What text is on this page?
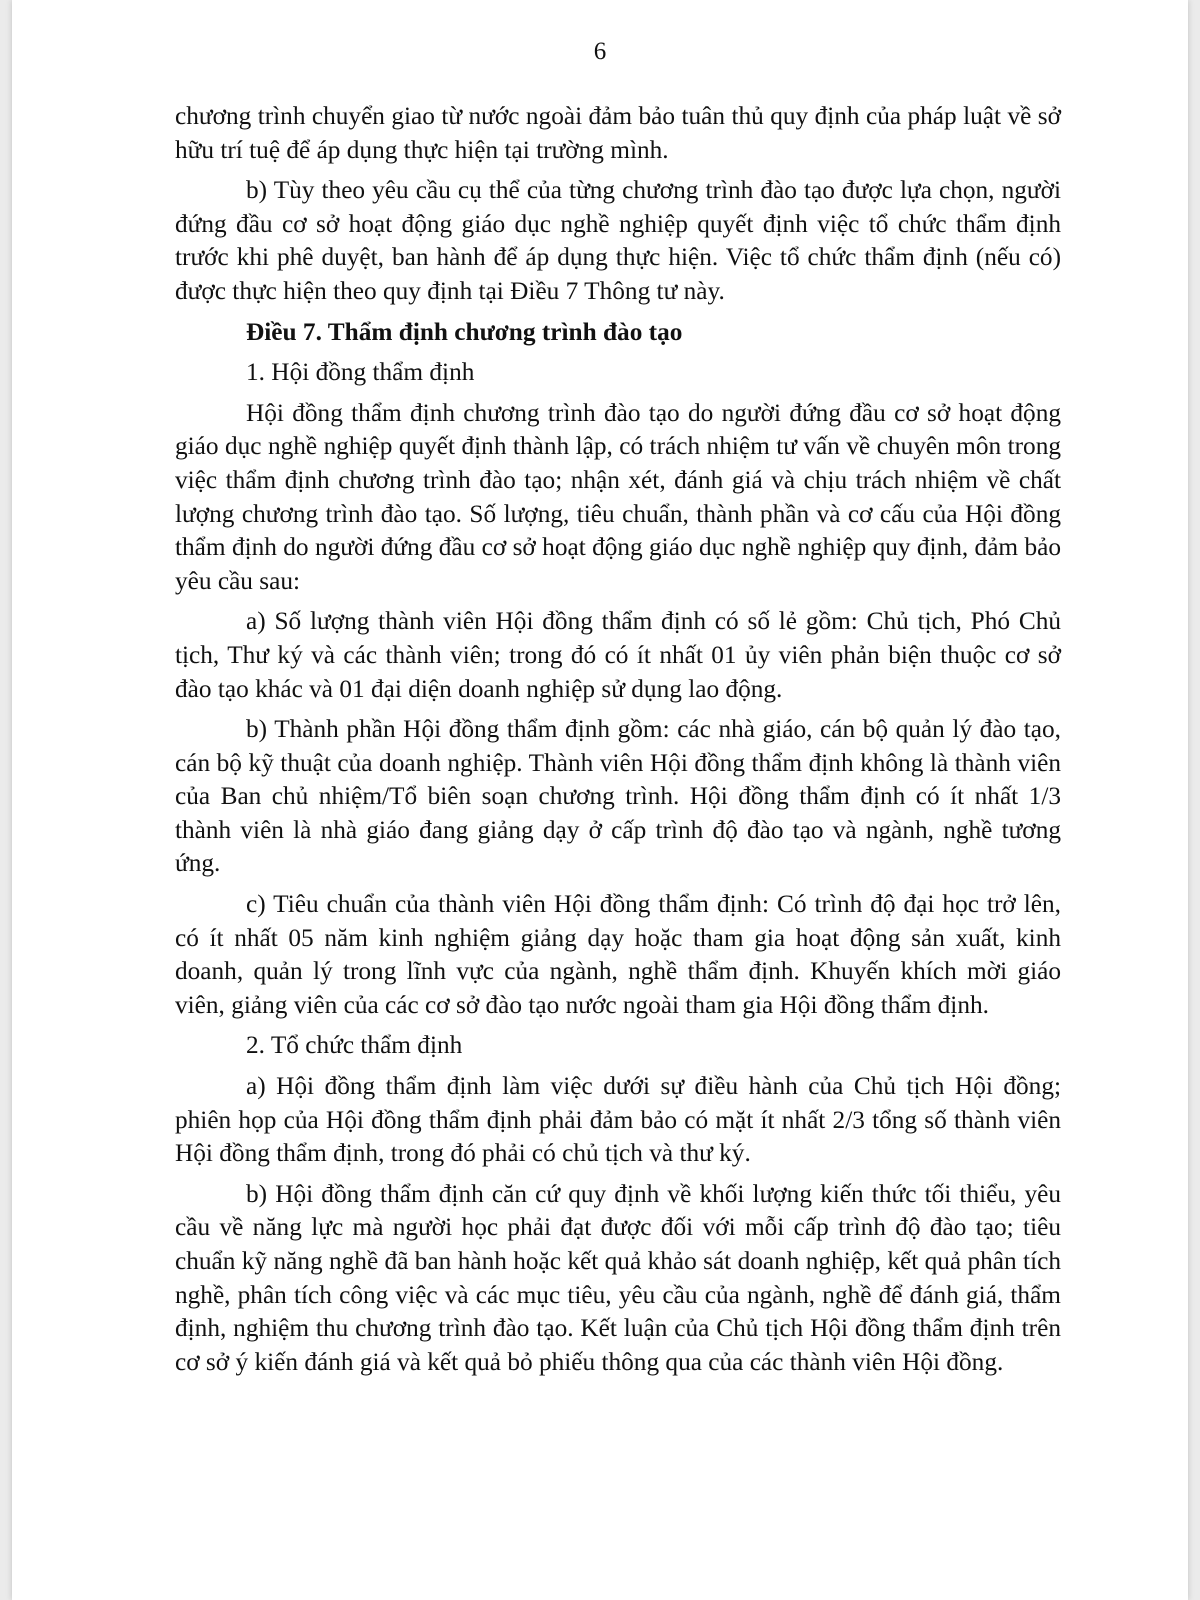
6

chương trình chuyển giao từ nước ngoài đảm bảo tuân thủ quy định của pháp luật về sở hữu trí tuệ để áp dụng thực hiện tại trường mình.

b) Tùy theo yêu cầu cụ thể của từng chương trình đào tạo được lựa chọn, người đứng đầu cơ sở hoạt động giáo dục nghề nghiệp quyết định việc tổ chức thẩm định trước khi phê duyệt, ban hành để áp dụng thực hiện. Việc tổ chức thẩm định (nếu có) được thực hiện theo quy định tại Điều 7 Thông tư này.

Điều 7. Thẩm định chương trình đào tạo

1. Hội đồng thẩm định

Hội đồng thẩm định chương trình đào tạo do người đứng đầu cơ sở hoạt động giáo dục nghề nghiệp quyết định thành lập, có trách nhiệm tư vấn về chuyên môn trong việc thẩm định chương trình đào tạo; nhận xét, đánh giá và chịu trách nhiệm về chất lượng chương trình đào tạo. Số lượng, tiêu chuẩn, thành phần và cơ cấu của Hội đồng thẩm định do người đứng đầu cơ sở hoạt động giáo dục nghề nghiệp quy định, đảm bảo yêu cầu sau:

a) Số lượng thành viên Hội đồng thẩm định có số lẻ gồm: Chủ tịch, Phó Chủ tịch, Thư ký và các thành viên; trong đó có ít nhất 01 ủy viên phản biện thuộc cơ sở đào tạo khác và 01 đại diện doanh nghiệp sử dụng lao động.

b) Thành phần Hội đồng thẩm định gồm: các nhà giáo, cán bộ quản lý đào tạo, cán bộ kỹ thuật của doanh nghiệp. Thành viên Hội đồng thẩm định không là thành viên của Ban chủ nhiệm/Tổ biên soạn chương trình. Hội đồng thẩm định có ít nhất 1/3 thành viên là nhà giáo đang giảng dạy ở cấp trình độ đào tạo và ngành, nghề tương ứng.

c) Tiêu chuẩn của thành viên Hội đồng thẩm định: Có trình độ đại học trở lên, có ít nhất 05 năm kinh nghiệm giảng dạy hoặc tham gia hoạt động sản xuất, kinh doanh, quản lý trong lĩnh vực của ngành, nghề thẩm định. Khuyến khích mời giáo viên, giảng viên của các cơ sở đào tạo nước ngoài tham gia Hội đồng thẩm định.

2. Tổ chức thẩm định

a) Hội đồng thẩm định làm việc dưới sự điều hành của Chủ tịch Hội đồng; phiên họp của Hội đồng thẩm định phải đảm bảo có mặt ít nhất 2/3 tổng số thành viên Hội đồng thẩm định, trong đó phải có chủ tịch và thư ký.

b) Hội đồng thẩm định căn cứ quy định về khối lượng kiến thức tối thiểu, yêu cầu về năng lực mà người học phải đạt được đối với mỗi cấp trình độ đào tạo; tiêu chuẩn kỹ năng nghề đã ban hành hoặc kết quả khảo sát doanh nghiệp, kết quả phân tích nghề, phân tích công việc và các mục tiêu, yêu cầu của ngành, nghề để đánh giá, thẩm định, nghiệm thu chương trình đào tạo. Kết luận của Chủ tịch Hội đồng thẩm định trên cơ sở ý kiến đánh giá và kết quả bỏ phiếu thông qua của các thành viên Hội đồng.
